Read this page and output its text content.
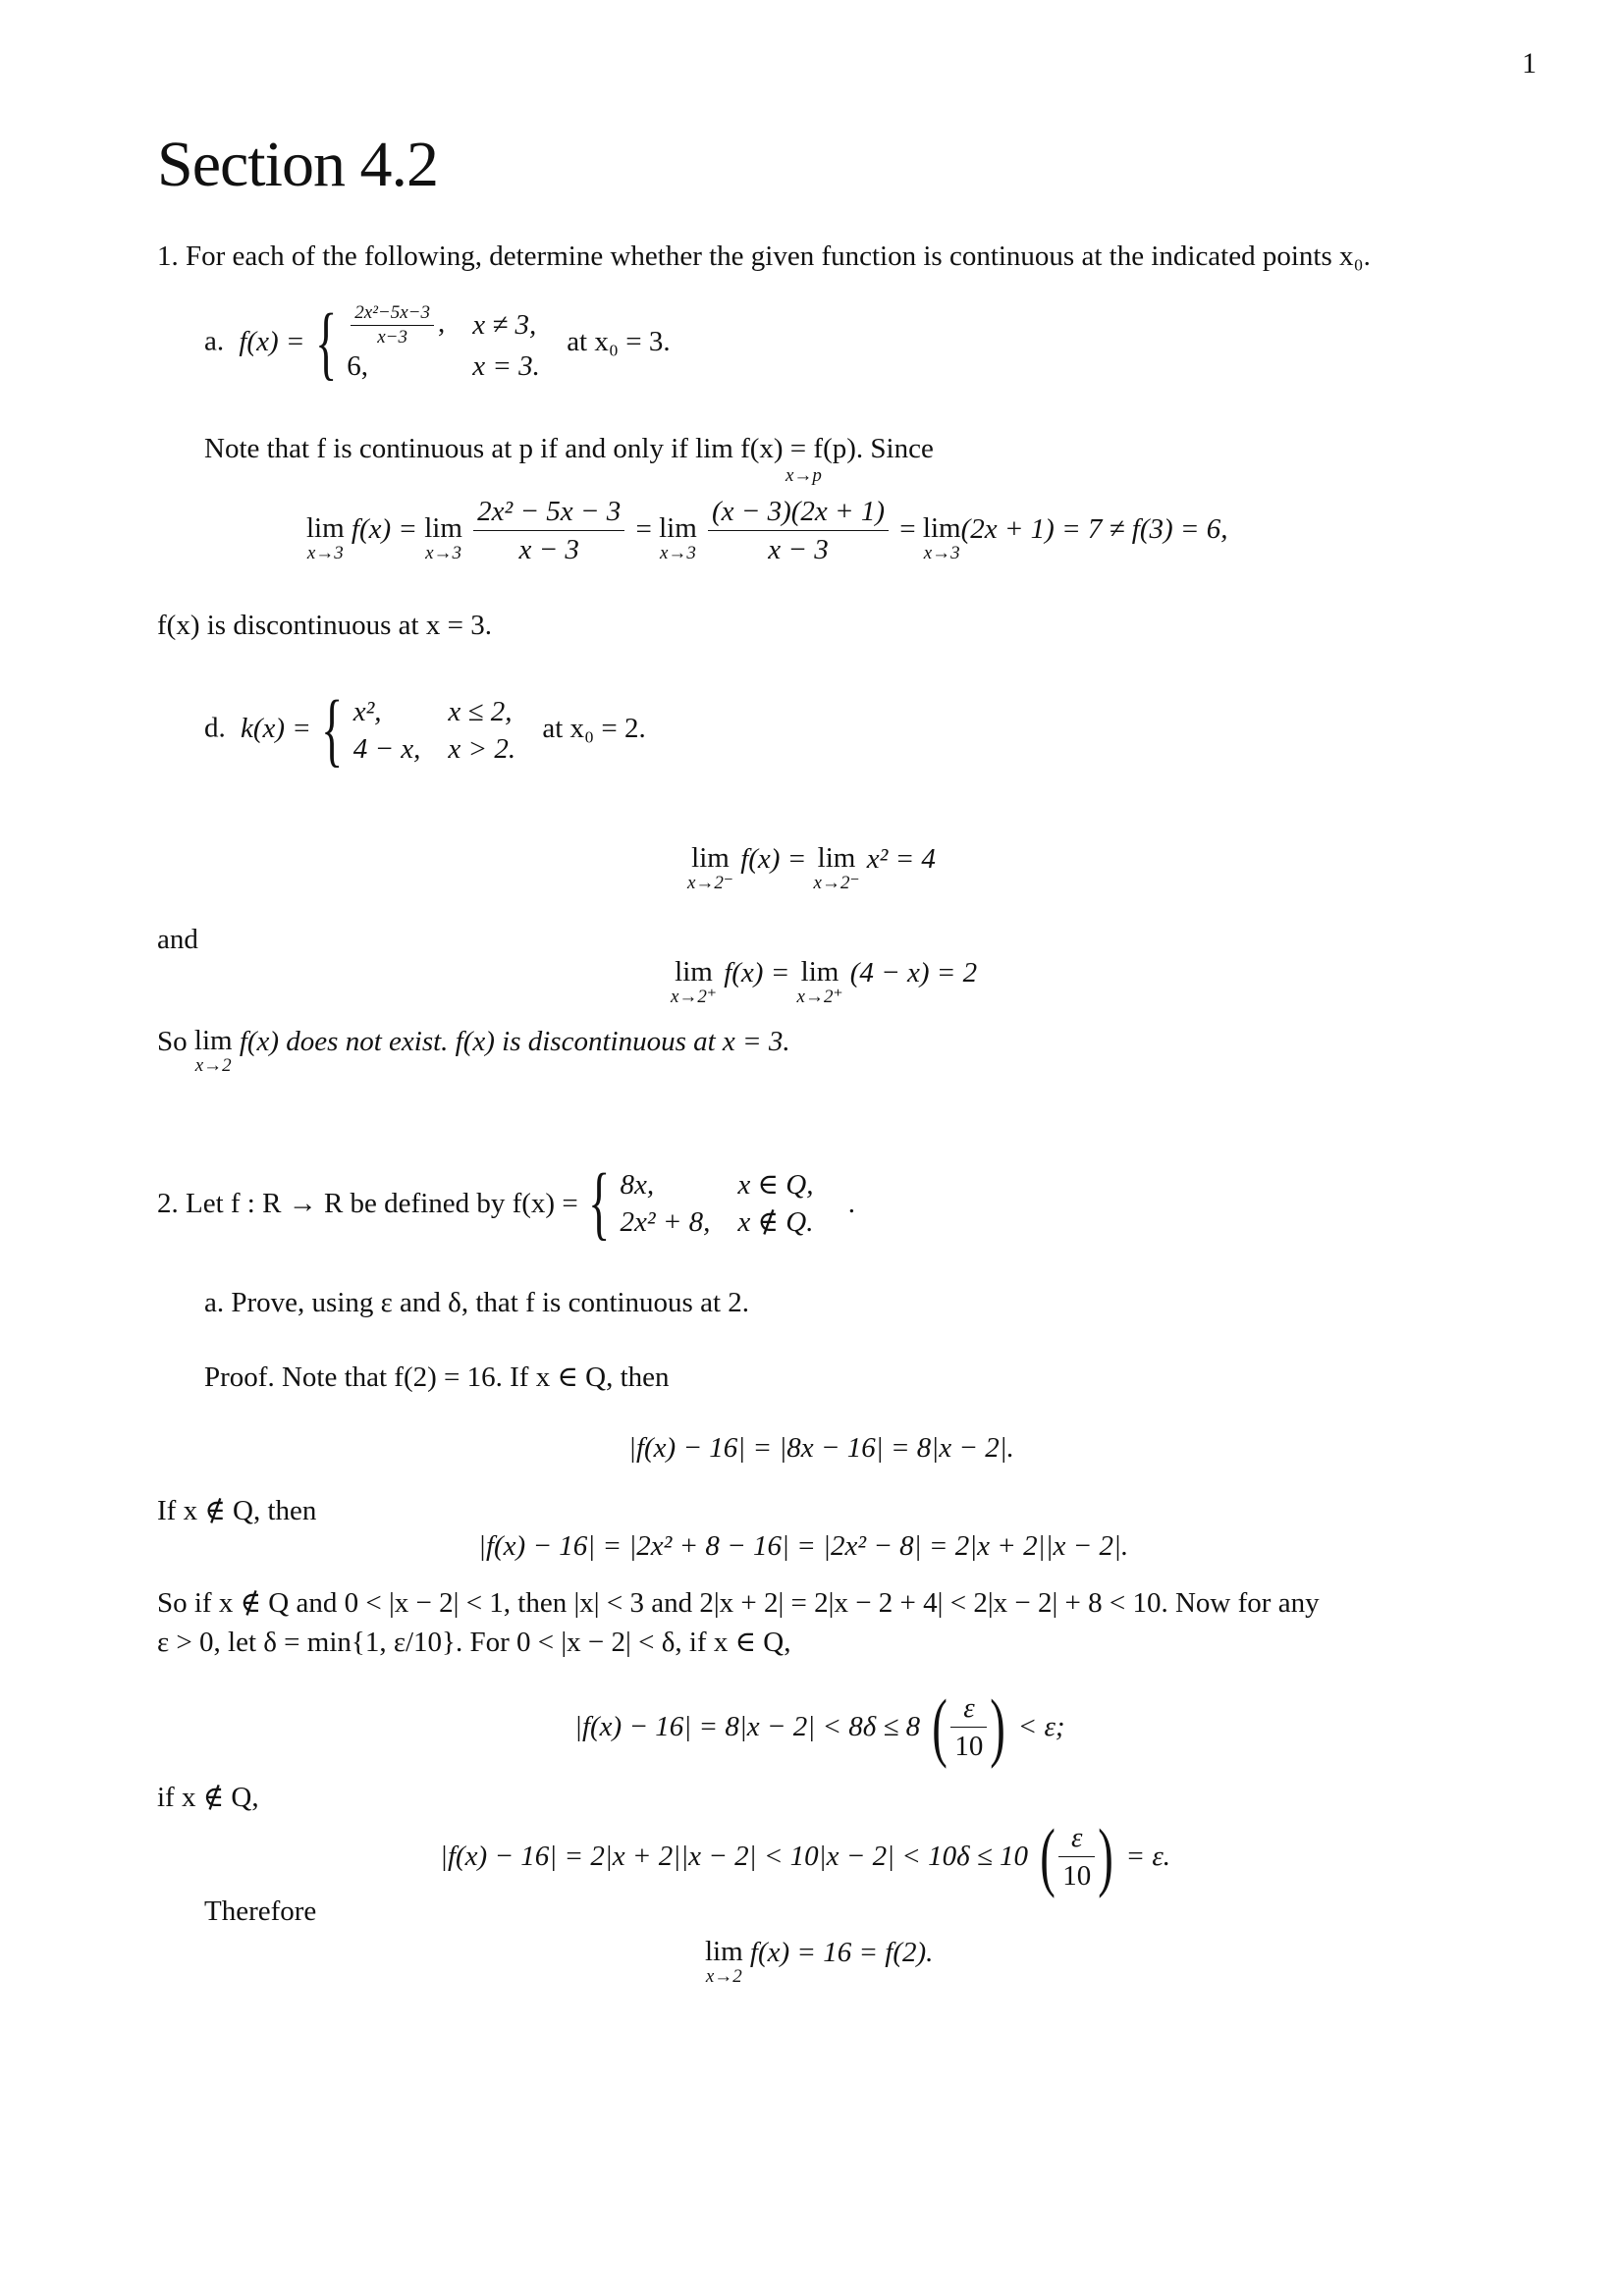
1
Section 4.2
1. For each of the following, determine whether the given function is continuous at the indicated points x₀.
a. f(x) = { $\frac{\text{2x²−5x−3}}{x-3}$ ,	x ≠ 3,
6,	x = 3.
at x₀ = 3.
Note that f is continuous at p if and only if lim f(x) = f(p). Since
x→p
lim
x→3
f(x) = lim
x→3
$\frac{\text{2x² − 5x − 3}}{x - 3} = \lim$
x→3
$\frac{(x - 3)(2x + 1)}{x - 3} = \lim$
x→3
(2x + 1) = 7 ≠ f(3) = 6,
f(x) is discontinuous at x = 3.
d. k(x) = { x²,	x ≤ 2,
4 − x,	x > 2.
at x₀ = 2.
lim
x→2⁻
f(x) = lim
x→2⁻
x² = 4
and
lim
x→2⁺
f(x) = lim
x→2⁺
(4 − x) = 2
So lim
x→2
f(x) does not exist. f(x) is discontinuous at x = 3.
2. Let f : R → R be defined by f(x) = { 8x,	x ∈ Q,
2x² + 8,	x ∉ Q.
.
a. Prove, using ε and δ, that f is continuous at 2.
Proof. Note that f(2) = 16. If x ∈ Q, then
|f(x) − 16| = |8x − 16| = 8|x − 2|.
If x ∉ Q, then
|f(x) − 16| = |2x² + 8 − 16| = |2x² − 8| = 2|x + 2||x − 2|.
So if x ∉ Q and 0 < |x − 2| < 1, then |x| < 3 and 2|x + 2| = 2|x − 2 + 4| < 2|x − 2| + 8 < 10. Now for any
ε > 0, let δ = min{1, ε/10}. For 0 < |x − 2| < δ, if x ∈ Q,
|f(x) − 16| = 8|x − 2| < 8δ ≤ 8 ( $\frac{\varepsilon}{10}$ ) < ε;
if x ∉ Q,
|f(x) − 16| = 2|x + 2||x − 2| < 10|x − 2| < 10δ ≤ 10 ( $\frac{\varepsilon}{10}$ ) = ε.
Therefore
lim
x→2
f(x) = 16 = f(2).
